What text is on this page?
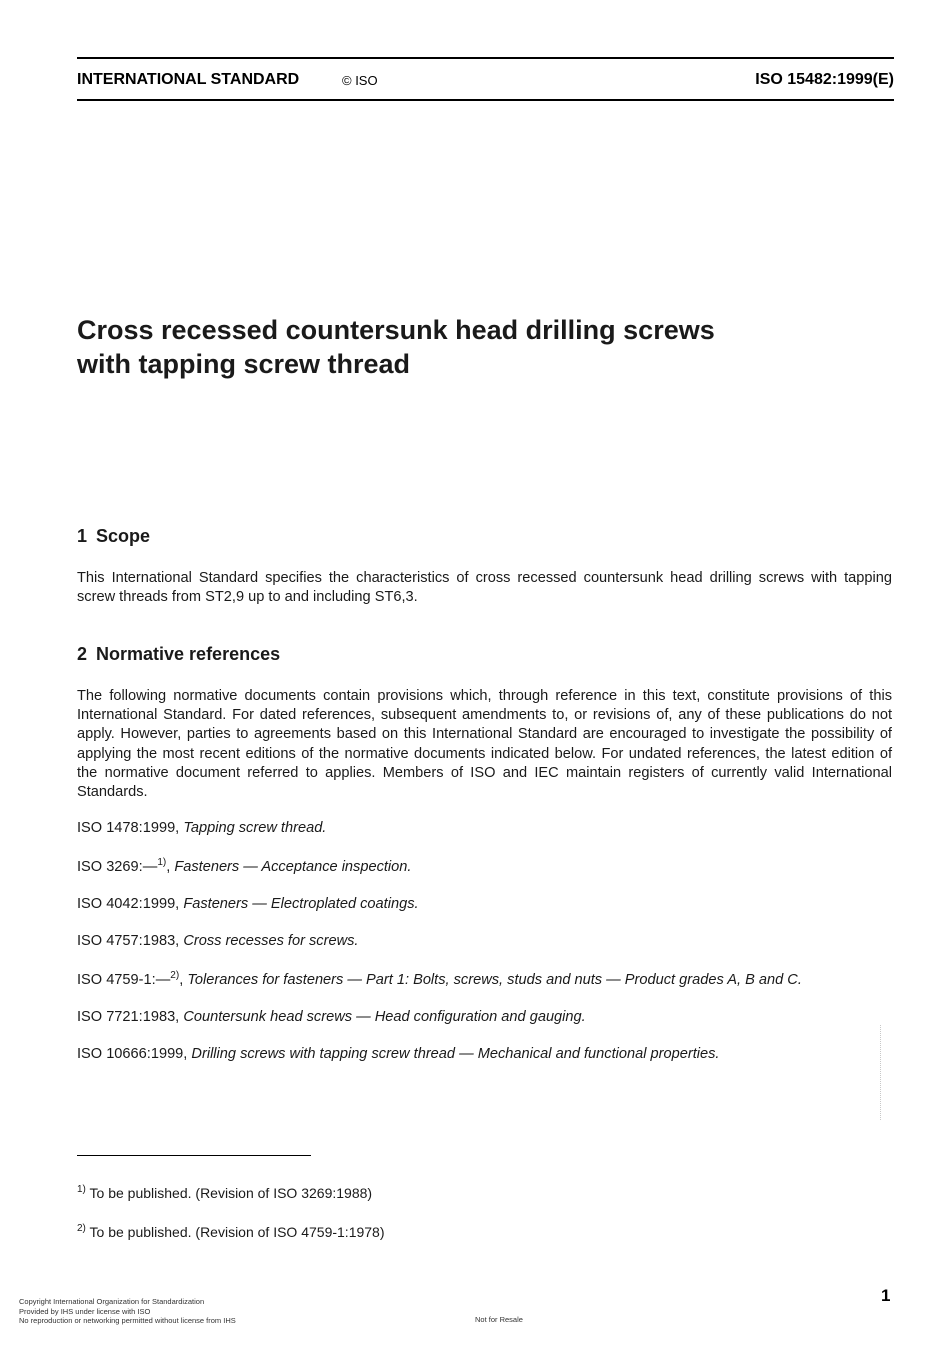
INTERNATIONAL STANDARD	© ISO	ISO 15482:1999(E)
Cross recessed countersunk head drilling screws
with tapping screw thread
1 Scope
This International Standard specifies the characteristics of cross recessed countersunk head drilling screws with tapping screw threads from ST2,9 up to and including ST6,3.
2 Normative references
The following normative documents contain provisions which, through reference in this text, constitute provisions of this International Standard. For dated references, subsequent amendments to, or revisions of, any of these publications do not apply. However, parties to agreements based on this International Standard are encouraged to investigate the possibility of applying the most recent editions of the normative documents indicated below. For undated references, the latest edition of the normative document referred to applies. Members of ISO and IEC maintain registers of currently valid International Standards.
ISO 1478:1999, Tapping screw thread.
ISO 3269:—$^{1)}$, Fasteners — Acceptance inspection.
ISO 4042:1999, Fasteners — Electroplated coatings.
ISO 4757:1983, Cross recesses for screws.
ISO 4759-1:—$^{2)}$, Tolerances for fasteners — Part 1: Bolts, screws, studs and nuts — Product grades A, B and C.
ISO 7721:1983, Countersunk head screws — Head configuration and gauging.
ISO 10666:1999, Drilling screws with tapping screw thread — Mechanical and functional properties.
$^{1)}$ To be published. (Revision of ISO 3269:1988)
$^{2)}$ To be published. (Revision of ISO 4759-1:1978)
1
Copyright International Organization for Standardization
Provided by IHS under license with ISO
No reproduction or networking permitted without license from IHS	Not for Resale
